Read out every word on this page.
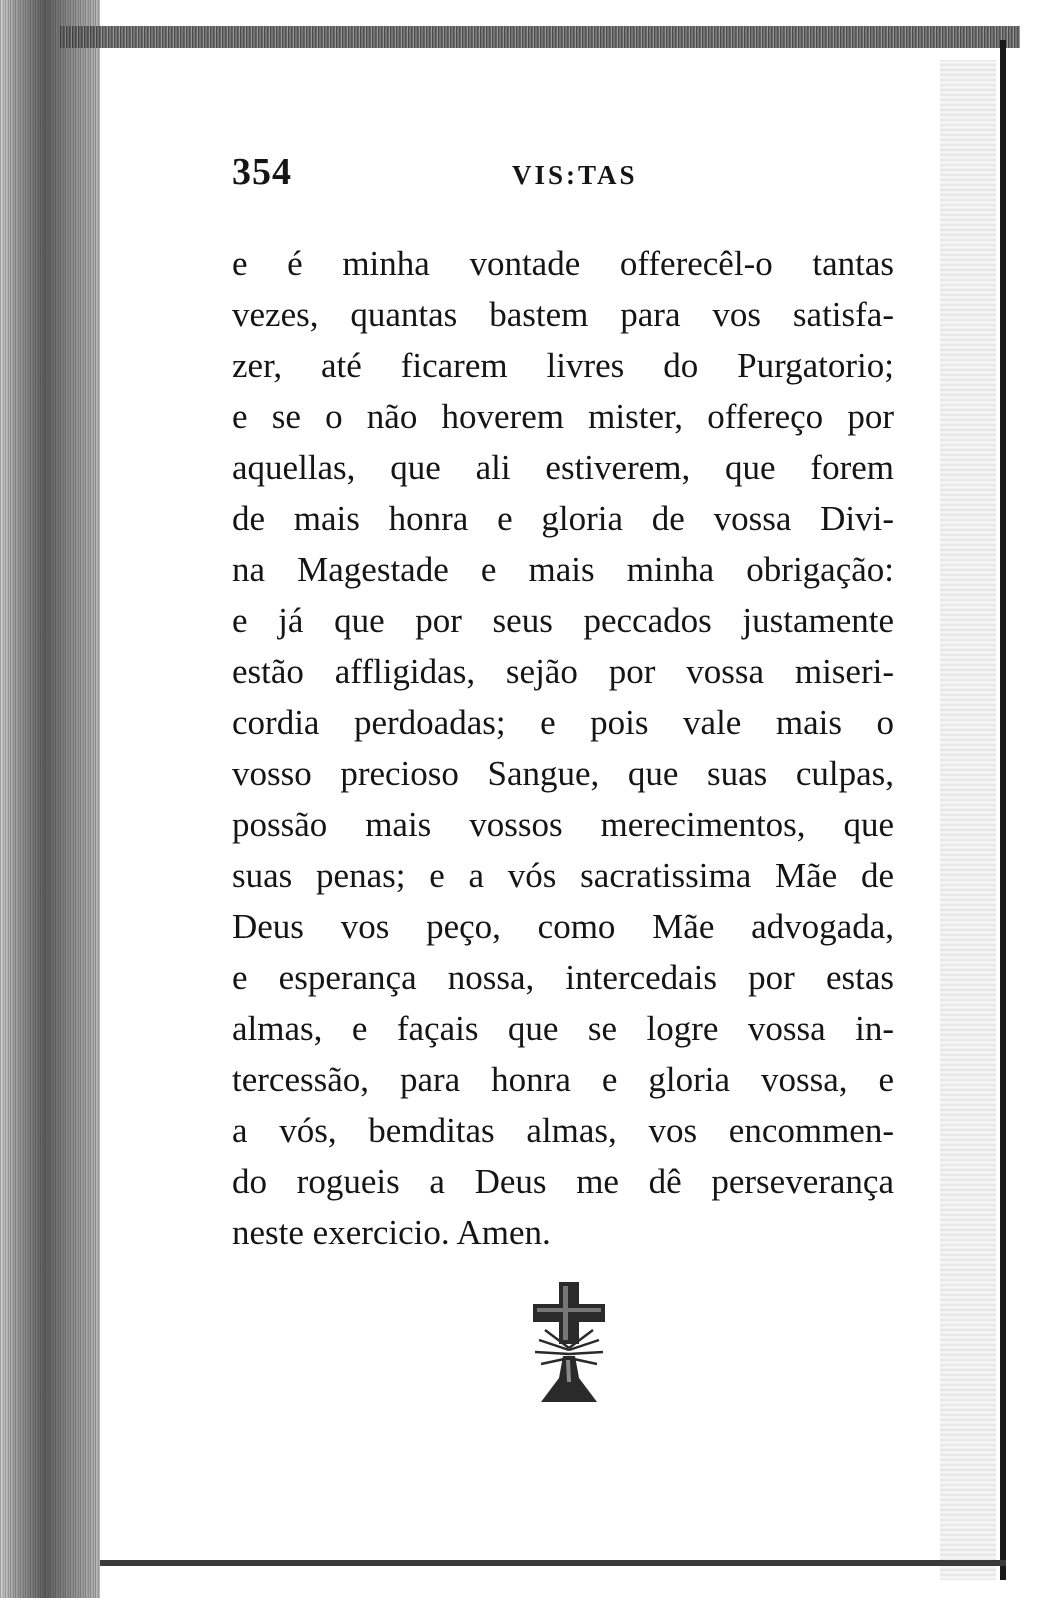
354	VIS:TAS
e é minha vontade offerecêl-o tantas
vezes, quantas bastem para vos satisfa-
zer, até ficarem livres do Purgatorio;
e se o não hoverem mister, offereço por
aquellas, que ali estiverem, que forem
de mais honra e gloria de vossa Divi-
na Magestade e mais minha obrigação:
e já que por seus peccados justamente
estão affligidas, sejão por vossa miseri-
cordia perdoadas; e pois vale mais o
vosso precioso Sangue, que suas culpas,
possão mais vossos merecimentos, que
suas penas; e a vós sacratissima Mãe de
Deus vos peço, como Mãe advogada,
e esperança nossa, intercedais por estas
almas, e façais que se logre vossa in-
tercessão, para honra e gloria vossa, e
a vós, bemditas almas, vos encommen-
do rogueis a Deus me dê perseverança
neste exercicio. Amen.
